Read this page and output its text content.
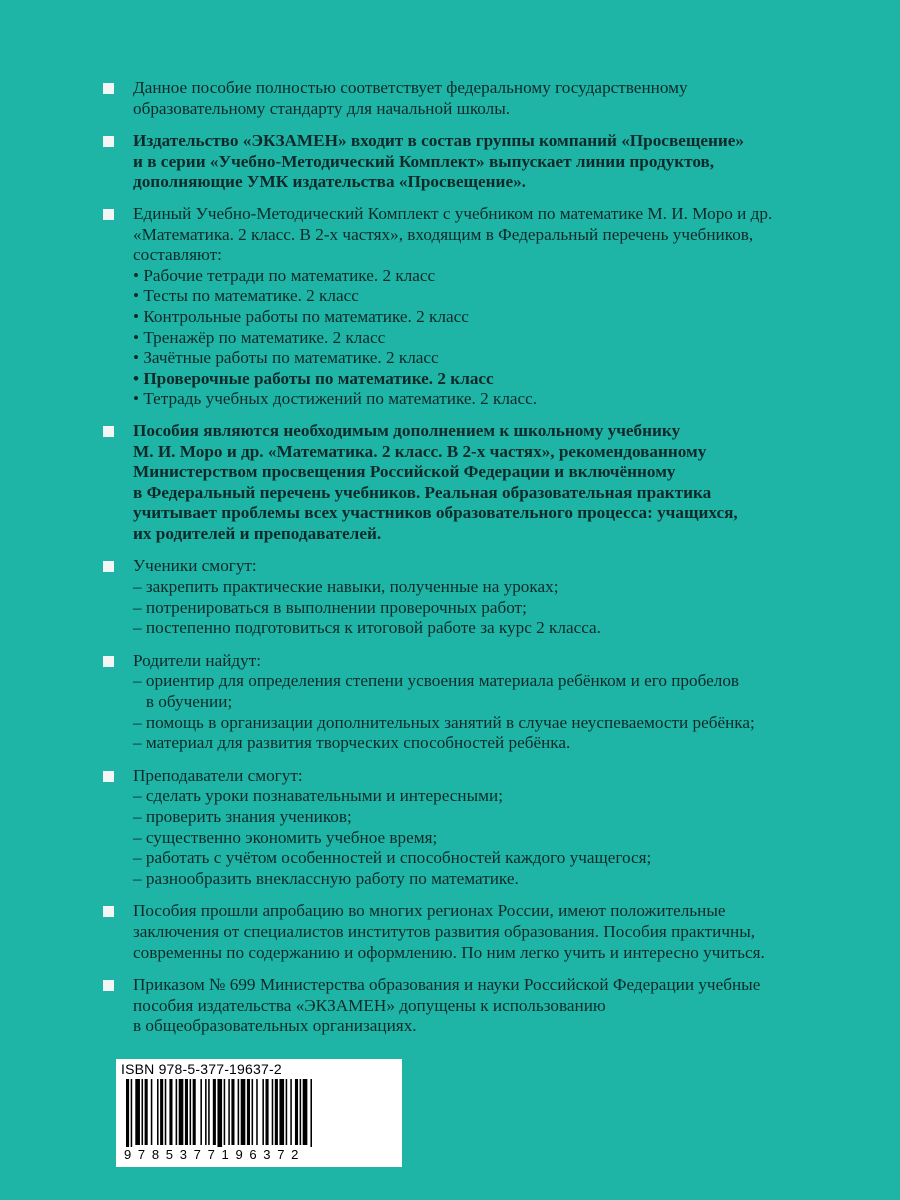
Данное пособие полностью соответствует федеральному государственному
образовательному стандарту для начальной школы.
Издательство «ЭКЗАМЕН» входит в состав группы компаний «Просвещение»
и в серии «Учебно-Методический Комплект» выпускает линии продуктов,
дополняющие УМК издательства «Просвещение».
Единый Учебно-Методический Комплект с учебником по математике М. И. Моро и др.
«Математика. 2 класс. В 2-х частях», входящим в Федеральный перечень учебников,
составляют:
• Рабочие тетради по математике. 2 класс
• Тесты по математике. 2 класс
• Контрольные работы по математике. 2 класс
• Тренажёр по математике. 2 класс
• Зачётные работы по математике. 2 класс
• Проверочные работы по математике. 2 класс
• Тетрадь учебных достижений по математике. 2 класс.
Пособия являются необходимым дополнением к школьному учебнику
М. И. Моро и др. «Математика. 2 класс. В 2-х частях», рекомендованному
Министерством просвещения Российской Федерации и включённому
в Федеральный перечень учебников. Реальная образовательная практика
учитывает проблемы всех участников образовательного процесса: учащихся,
их родителей и преподавателей.
Ученики смогут:
– закрепить практические навыки, полученные на уроках;
– потренироваться в выполнении проверочных работ;
– постепенно подготовиться к итоговой работе за курс 2 класса.
Родители найдут:
– ориентир для определения степени усвоения материала ребёнком и его пробелов
в обучении;
– помощь в организации дополнительных занятий в случае неуспеваемости ребёнка;
– материал для развития творческих способностей ребёнка.
Преподаватели смогут:
– сделать уроки познавательными и интересными;
– проверить знания учеников;
– существенно экономить учебное время;
– работать с учётом особенностей и способностей каждого учащегося;
– разнообразить внеклассную работу по математике.
Пособия прошли апробацию во многих регионах России, имеют положительные
заключения от специалистов институтов развития образования. Пособия практичны,
современны по содержанию и оформлению. По ним легко учить и интересно учиться.
Приказом № 699 Министерства образования и науки Российской Федерации учебные
пособия издательства «ЭКЗАМЕН» допущены к использованию
в общеобразовательных организациях.
ISBN 978-5-377-19637-2
9785377196372
